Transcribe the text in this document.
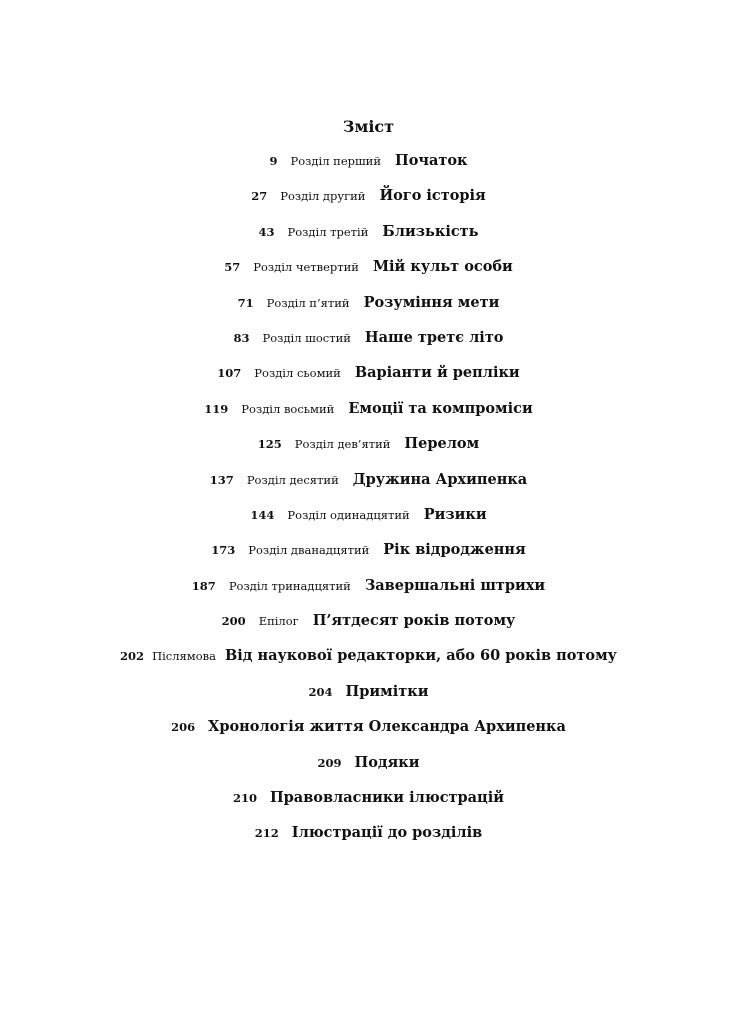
Зміст
9 Розділ перший Початок
27 Розділ другий Його історія
43 Розділ третій Близькість
57 Розділ четвертий Мій культ особи
71 Розділ п’ятий Розуміння мети
83 Розділ шостий Наше третє літо
107 Розділ сьомий Варіанти й репліки
119 Розділ восьмий Емоції та компроміси
125 Розділ дев’ятий Перелом
137 Розділ десятий Дружина Архипенка
144 Розділ одинадцятий Ризики
173 Розділ дванадцятий Рік відродження
187 Розділ тринадцятий Завершальні штрихи
200 Епілог П’ятдесят років потому
202 Післямова Від наукової редакторки, або 60 років потому
204 Примітки
206 Хронологія життя Олександра Архипенка
209 Подяки
210 Правовласники ілюстрацій
212 Ілюстрації до розділів
